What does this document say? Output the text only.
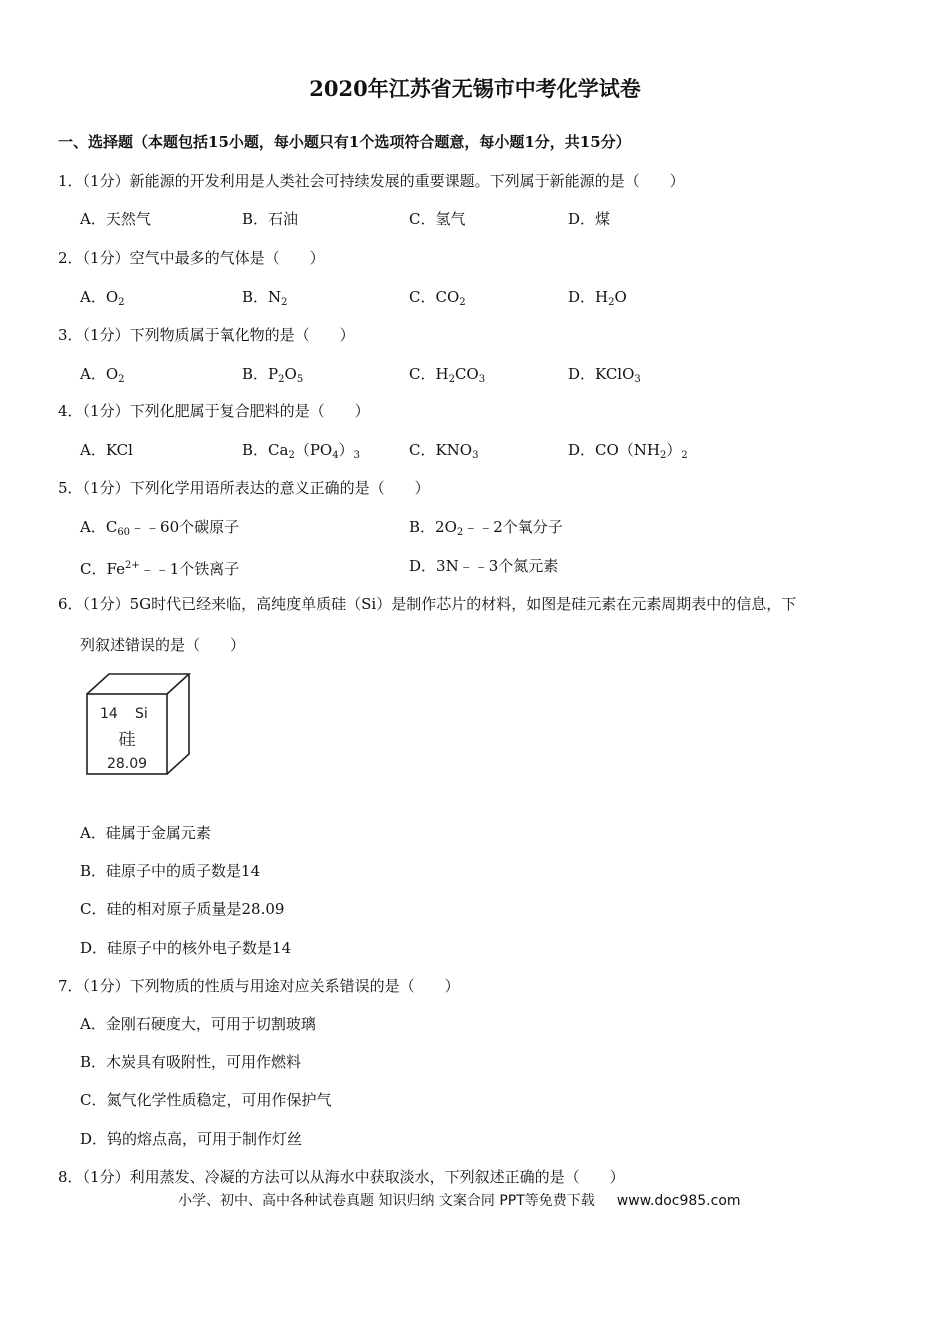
2020年江苏省无锡市中考化学试卷
一、选择题（本题包括15小题，每小题只有1个选项符合题意，每小题1分，共15分）
1．（1分）新能源的开发利用是人类社会可持续发展的重要课题。下列属于新能源的是（　　）
A．天然气	B．石油	C．氢气	D．煤
2．（1分）空气中最多的气体是（　　）
A．$O_2$	B．$N_2$	C．$CO_2$	D．$H_2O$
3．（1分）下列物质属于氧化物的是（　　）
A．$O_2$	B．$P_2O_5$	C．$H_2CO_3$	D．KClO$_3$
4．（1分）下列化肥属于复合肥料的是（　　）
A．KCl	B．$Ca_2(PO_4)_3$	C．$KNO_3$	D．$CO(NH_2)_2$
5．（1分）下列化学用语所表达的意义正确的是（　　）
A．$C_{60}﹣﹣60$个碳原子	B．$2O_2﹣﹣2$个氧分子
C．$Fe^{2+}﹣﹣1$个铁离子	D．3N﹣﹣3个氮元素
6．（1分）5G时代已经来临，高纯度单质硅（Si）是制作芯片的材料，如图是硅元素在元素周期表中的信息，下
列叙述错误的是（　　）
14 Si
硅
28.09
A．硅属于金属元素
B．硅原子中的质子数是14
C．硅的相对原子质量是28.09
D．硅原子中的核外电子数是14
7．（1分）下列物质的性质与用途对应关系错误的是（　　）
A．金刚石硬度大，可用于切割玻璃
B．木炭具有吸附性，可用作燃料
C．氮气化学性质稳定，可用作保护气
D．钨的熔点高，可用于制作灯丝
8．（1分）利用蒸发、冷凝的方法可以从海水中获取淡水，下列叙述正确的是（　　）
小学、初中、高中各种试卷真题 知识归纳 文案合同 PPT等免费下载 www.doc985.com
